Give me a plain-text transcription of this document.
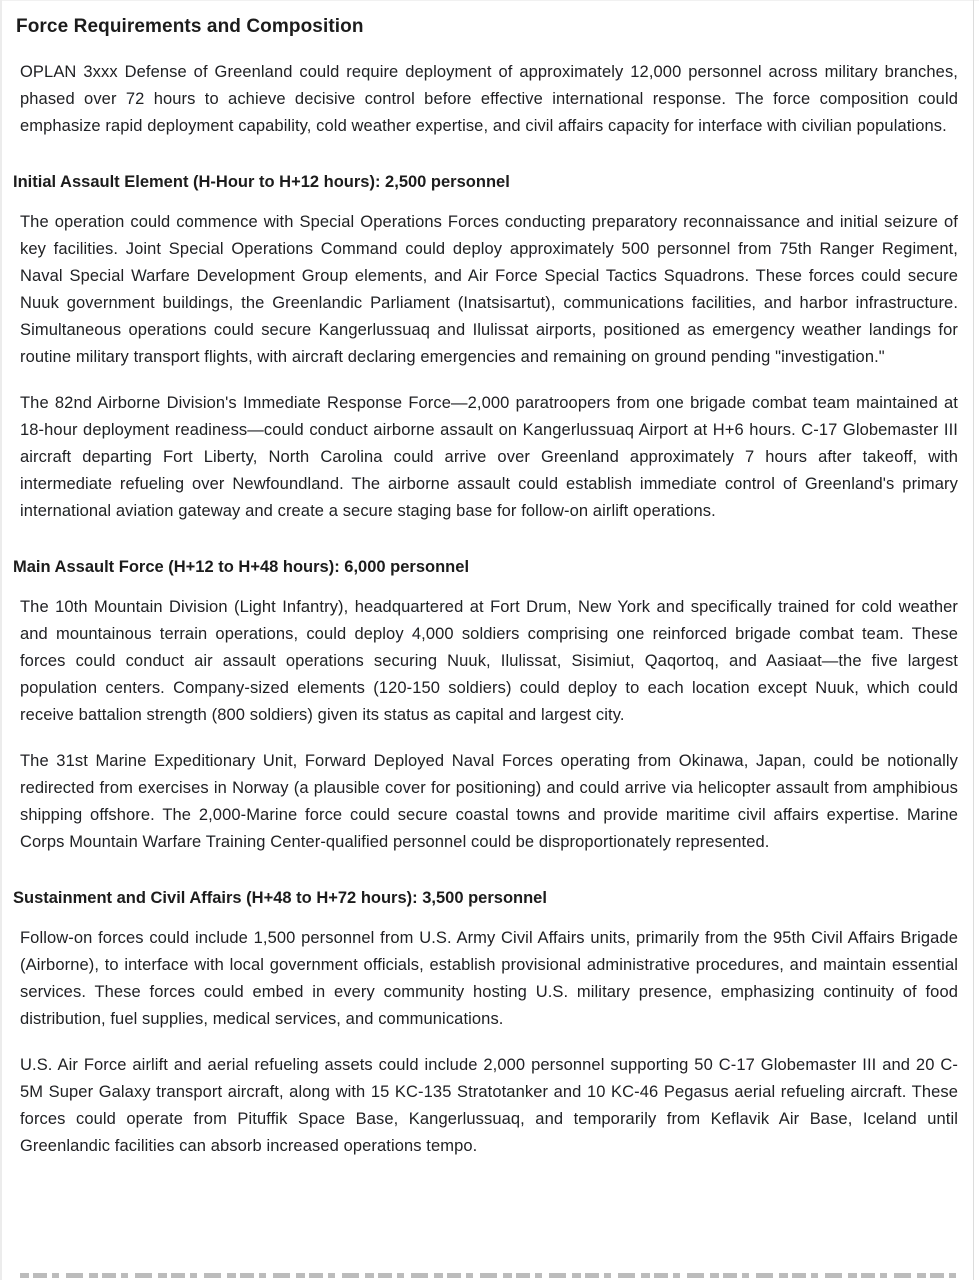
Force Requirements and Composition

OPLAN 3xxx Defense of Greenland could require deployment of approximately 12,000 personnel across military branches, phased over 72 hours to achieve decisive control before effective international response. The force composition could emphasize rapid deployment capability, cold weather expertise, and civil affairs capacity for interface with civilian populations.

Initial Assault Element (H-Hour to H+12 hours): 2,500 personnel

The operation could commence with Special Operations Forces conducting preparatory reconnaissance and initial seizure of key facilities. Joint Special Operations Command could deploy approximately 500 personnel from 75th Ranger Regiment, Naval Special Warfare Development Group elements, and Air Force Special Tactics Squadrons. These forces could secure Nuuk government buildings, the Greenlandic Parliament (Inatsisartut), communications facilities, and harbor infrastructure. Simultaneous operations could secure Kangerlussuaq and Ilulissat airports, positioned as emergency weather landings for routine military transport flights, with aircraft declaring emergencies and remaining on ground pending "investigation."

The 82nd Airborne Division's Immediate Response Force—2,000 paratroopers from one brigade combat team maintained at 18-hour deployment readiness—could conduct airborne assault on Kangerlussuaq Airport at H+6 hours. C-17 Globemaster III aircraft departing Fort Liberty, North Carolina could arrive over Greenland approximately 7 hours after takeoff, with intermediate refueling over Newfoundland. The airborne assault could establish immediate control of Greenland's primary international aviation gateway and create a secure staging base for follow-on airlift operations.

Main Assault Force (H+12 to H+48 hours): 6,000 personnel

The 10th Mountain Division (Light Infantry), headquartered at Fort Drum, New York and specifically trained for cold weather and mountainous terrain operations, could deploy 4,000 soldiers comprising one reinforced brigade combat team. These forces could conduct air assault operations securing Nuuk, Ilulissat, Sisimiut, Qaqortoq, and Aasiaat—the five largest population centers. Company-sized elements (120-150 soldiers) could deploy to each location except Nuuk, which could receive battalion strength (800 soldiers) given its status as capital and largest city.

The 31st Marine Expeditionary Unit, Forward Deployed Naval Forces operating from Okinawa, Japan, could be notionally redirected from exercises in Norway (a plausible cover for positioning) and could arrive via helicopter assault from amphibious shipping offshore. The 2,000-Marine force could secure coastal towns and provide maritime civil affairs expertise. Marine Corps Mountain Warfare Training Center-qualified personnel could be disproportionately represented.

Sustainment and Civil Affairs (H+48 to H+72 hours): 3,500 personnel

Follow-on forces could include 1,500 personnel from U.S. Army Civil Affairs units, primarily from the 95th Civil Affairs Brigade (Airborne), to interface with local government officials, establish provisional administrative procedures, and maintain essential services. These forces could embed in every community hosting U.S. military presence, emphasizing continuity of food distribution, fuel supplies, medical services, and communications.

U.S. Air Force airlift and aerial refueling assets could include 2,000 personnel supporting 50 C-17 Globemaster III and 20 C-5M Super Galaxy transport aircraft, along with 15 KC-135 Stratotanker and 10 KC-46 Pegasus aerial refueling aircraft. These forces could operate from Pituffik Space Base, Kangerlussuaq, and temporarily from Keflavik Air Base, Iceland until Greenlandic facilities can absorb increased operations tempo.
